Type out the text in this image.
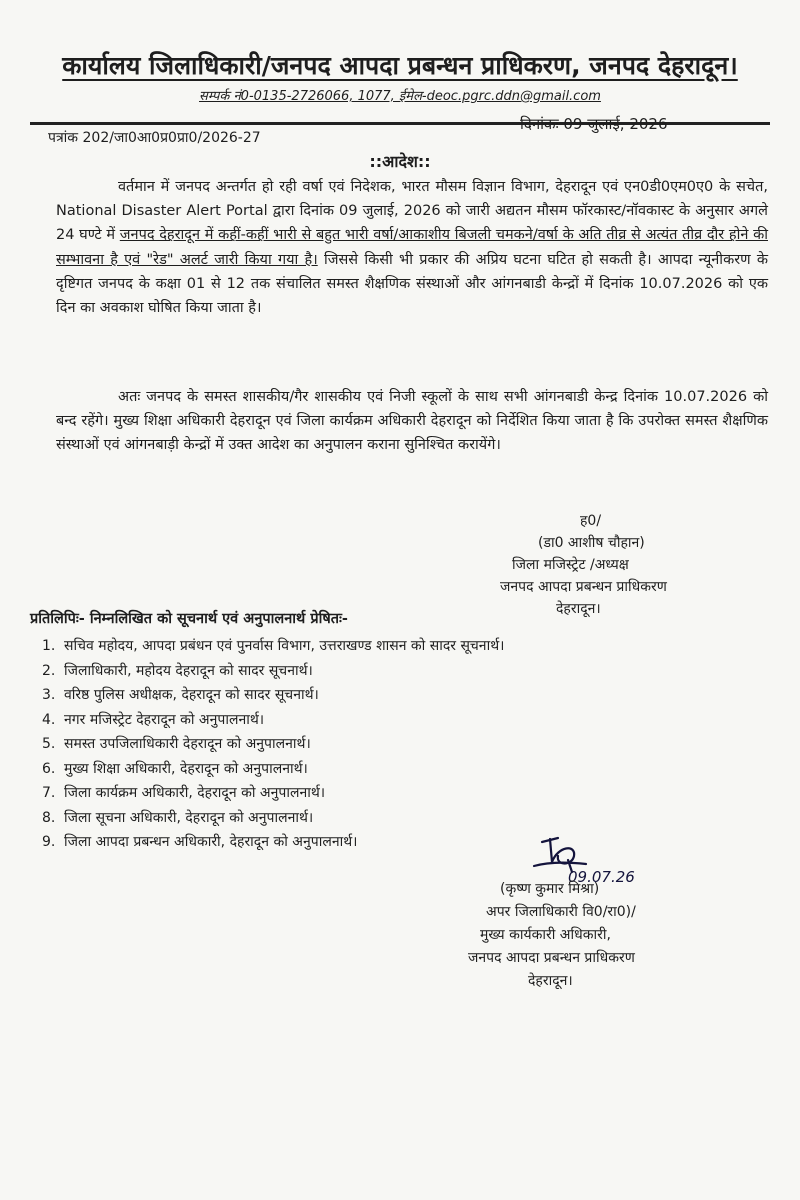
कार्यालय जिलाधिकारी/जनपद आपदा प्रबन्धन प्राधिकरण, जनपद देहरादून।
सम्पर्क नं0-0135-2726066, 1077, ईमेल-deoc.pgrc.ddn@gmail.com
पत्रांक 202/जा0आ0प्र0प्रा0/2026-27
दिनांकः 09 जुलाई, 2026
::आदेश::
वर्तमान में जनपद अन्तर्गत हो रही वर्षा एवं निदेशक, भारत मौसम विज्ञान विभाग, देहरादून एवं एन0डी0एम0ए0 के सचेत, National Disaster Alert Portal द्वारा दिनांक 09 जुलाई, 2026 को जारी अद्यतन मौसम फॉरकास्ट/नॉवकास्ट के अनुसार अगले 24 घण्टे में जनपद देहरादून में कहीं-कहीं भारी से बहुत भारी वर्षा/आकाशीय बिजली चमकने/वर्षा के अति तीव्र से अत्यंत तीव्र दौर होने की सम्भावना है एवं "रेड" अलर्ट जारी किया गया है। जिससे किसी भी प्रकार की अप्रिय घटना घटित हो सकती है। आपदा न्यूनीकरण के दृष्टिगत जनपद के कक्षा 01 से 12 तक संचालित समस्त शैक्षणिक संस्थाओं और आंगनबाडी केन्द्रों में दिनांक 10.07.2026 को एक दिन का अवकाश घोषित किया जाता है।
अतः जनपद के समस्त शासकीय/गैर शासकीय एवं निजी स्कूलों के साथ सभी आंगनबाडी केन्द्र दिनांक 10.07.2026 को बन्द रहेंगे। मुख्य शिक्षा अधिकारी देहरादून एवं जिला कार्यक्रम अधिकारी देहरादून को निर्देशित किया जाता है कि उपरोक्त समस्त शैक्षणिक संस्थाओं एवं आंगनबाड़ी केन्द्रों में उक्त आदेश का अनुपालन कराना सुनिश्चित करायेंगे।
ह0/
(डा0 आशीष चौहान)
जिला मजिस्ट्रेट /अध्यक्ष
जनपद आपदा प्रबन्धन प्राधिकरण
देहरादून।
प्रतिलिपिः- निम्नलिखित को सूचनार्थ एवं अनुपालनार्थ प्रेषितः-
1. सचिव महोदय, आपदा प्रबंधन एवं पुनर्वास विभाग, उत्तराखण्ड शासन को सादर सूचनार्थ।
2. जिलाधिकारी, महोदय देहरादून को सादर सूचनार्थ।
3. वरिष्ठ पुलिस अधीक्षक, देहरादून को सादर सूचनार्थ।
4. नगर मजिस्ट्रेट देहरादून को अनुपालनार्थ।
5. समस्त उपजिलाधिकारी देहरादून को अनुपालनार्थ।
6. मुख्य शिक्षा अधिकारी, देहरादून को अनुपालनार्थ।
7. जिला कार्यक्रम अधिकारी, देहरादून को अनुपालनार्थ।
8. जिला सूचना अधिकारी, देहरादून को अनुपालनार्थ।
9. जिला आपदा प्रबन्धन अधिकारी, देहरादून को अनुपालनार्थ।
09.07.26
(कृष्ण कुमार मिश्रा)
अपर जिलाधिकारी वि0/रा0)/
मुख्य कार्यकारी अधिकारी,
जनपद आपदा प्रबन्धन प्राधिकरण
देहरादून।
